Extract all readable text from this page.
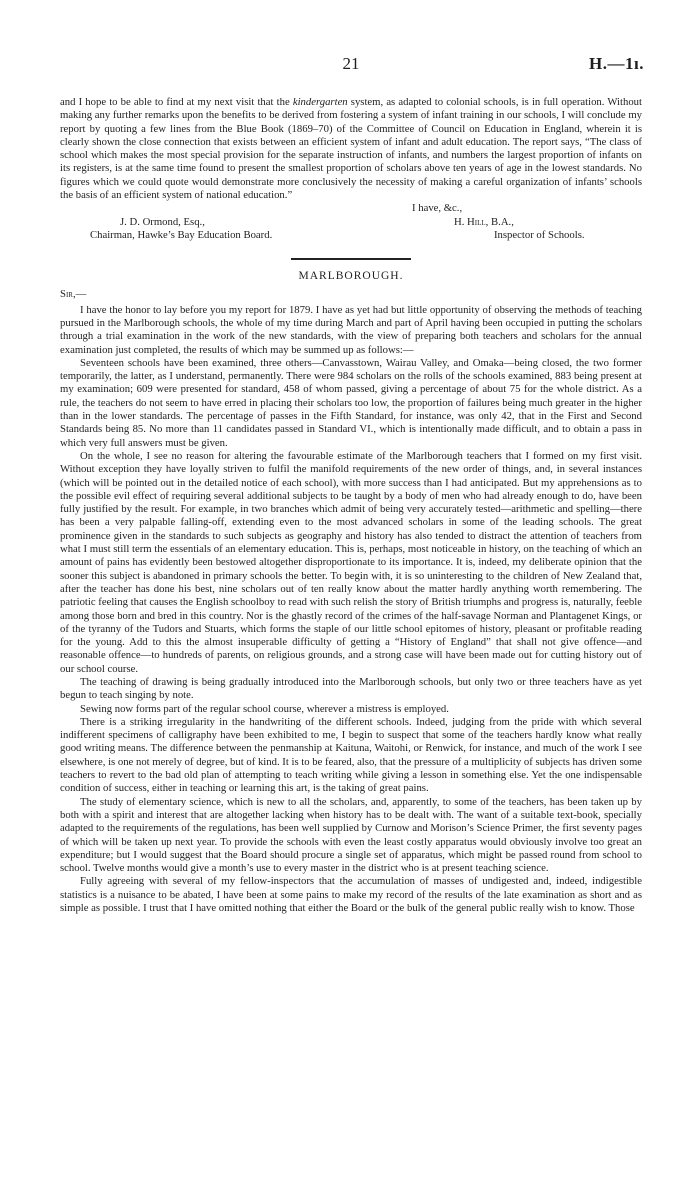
21	H.—1ı.

and I hope to be able to find at my next visit that the kindergarten system, as adapted to colonial schools, is in full operation. Without making any further remarks upon the benefits to be derived from fostering a system of infant training in our schools, I will conclude my report by quoting a few lines from the Blue Book (1869–70) of the Committee of Council on Education in England, wherein it is clearly shown the close connection that exists between an efficient system of infant and adult education. The report says, “The class of school which makes the most special provision for the separate instruction of infants, and numbers the largest proportion of infants on its registers, is at the same time found to present the smallest proportion of scholars above ten years of age in the lowest standards. No figures which we could quote would demonstrate more conclusively the necessity of making a careful organization of infants’ schools the basis of an efficient system of national education.”

I have, &c.,
J. D. Ormond, Esq.,	H. Hill, B.A.,
Chairman, Hawke’s Bay Education Board.	Inspector of Schools.
MARLBOROUGH.
Sir,—

I have the honor to lay before you my report for 1879. I have as yet had but little opportunity of observing the methods of teaching pursued in the Marlborough schools, the whole of my time during March and part of April having been occupied in putting the scholars through a trial examination in the work of the new standards, with the view of preparing both teachers and scholars for the annual examination just completed, the results of which may be summed up as follows:—

Seventeen schools have been examined, three others—Canvasstown, Wairau Valley, and Omaka—being closed, the two former temporarily, the latter, as I understand, permanently. There were 984 scholars on the rolls of the schools examined, 883 being present at my examination; 609 were presented for standard, 458 of whom passed, giving a percentage of about 75 for the whole district. As a rule, the teachers do not seem to have erred in placing their scholars too low, the proportion of failures being much greater in the higher than in the lower standards. The percentage of passes in the Fifth Standard, for instance, was only 42, that in the First and Second Standards being 85. No more than 11 candidates passed in Standard VI., which is intentionally made difficult, and to obtain a pass in which very full answers must be given.

On the whole, I see no reason for altering the favourable estimate of the Marlborough teachers that I formed on my first visit. Without exception they have loyally striven to fulfil the manifold requirements of the new order of things, and, in several instances (which will be pointed out in the detailed notice of each school), with more success than I had anticipated. But my apprehensions as to the possible evil effect of requiring several additional subjects to be taught by a body of men who had already enough to do, have been fully justified by the result. For example, in two branches which admit of being very accurately tested—arithmetic and spelling—there has been a very palpable falling-off, extending even to the most advanced scholars in some of the leading schools. The great prominence given in the standards to such subjects as geography and history has also tended to distract the attention of teachers from what I must still term the essentials of an elementary education. This is, perhaps, most noticeable in history, on the teaching of which an amount of pains has evidently been bestowed altogether disproportionate to its importance. It is, indeed, my deliberate opinion that the sooner this subject is abandoned in primary schools the better. To begin with, it is so uninteresting to the children of New Zealand that, after the teacher has done his best, nine scholars out of ten really know about the matter hardly anything worth remembering. The patriotic feeling that causes the English schoolboy to read with such relish the story of British triumphs and progress is, naturally, feeble among those born and bred in this country. Nor is the ghastly record of the crimes of the half-savage Norman and Plantagenet Kings, or of the tyranny of the Tudors and Stuarts, which forms the staple of our little school epitomes of history, pleasant or profitable reading for the young. Add to this the almost insuperable difficulty of getting a “History of England” that shall not give offence—and reasonable offence—to hundreds of parents, on religious grounds, and a strong case will have been made out for cutting history out of our school course.

The teaching of drawing is being gradually introduced into the Marlborough schools, but only two or three teachers have as yet begun to teach singing by note.

Sewing now forms part of the regular school course, wherever a mistress is employed.

There is a striking irregularity in the handwriting of the different schools. Indeed, judging from the pride with which several indifferent specimens of calligraphy have been exhibited to me, I begin to suspect that some of the teachers hardly know what really good writing means. The difference between the penmanship at Kaituna, Waitohi, or Renwick, for instance, and much of the work I see elsewhere, is one not merely of degree, but of kind. It is to be feared, also, that the pressure of a multiplicity of subjects has driven some teachers to revert to the bad old plan of attempting to teach writing while giving a lesson in something else. Yet the one indispensable condition of success, either in teaching or learning this art, is the taking of great pains.

The study of elementary science, which is new to all the scholars, and, apparently, to some of the teachers, has been taken up by both with a spirit and interest that are altogether lacking when history has to be dealt with. The want of a suitable text-book, specially adapted to the requirements of the regulations, has been well supplied by Curnow and Morison’s Science Primer, the first seventy pages of which will be taken up next year. To provide the schools with even the least costly apparatus would obviously involve too great an expenditure; but I would suggest that the Board should procure a single set of apparatus, which might be passed round from school to school. Twelve months would give a month’s use to every master in the district who is at present teaching science.

Fully agreeing with several of my fellow-inspectors that the accumulation of masses of undigested and, indeed, indigestible statistics is a nuisance to be abated, I have been at some pains to make my record of the results of the late examination as short and as simple as possible. I trust that I have omitted nothing that either the Board or the bulk of the general public really wish to know. Those
